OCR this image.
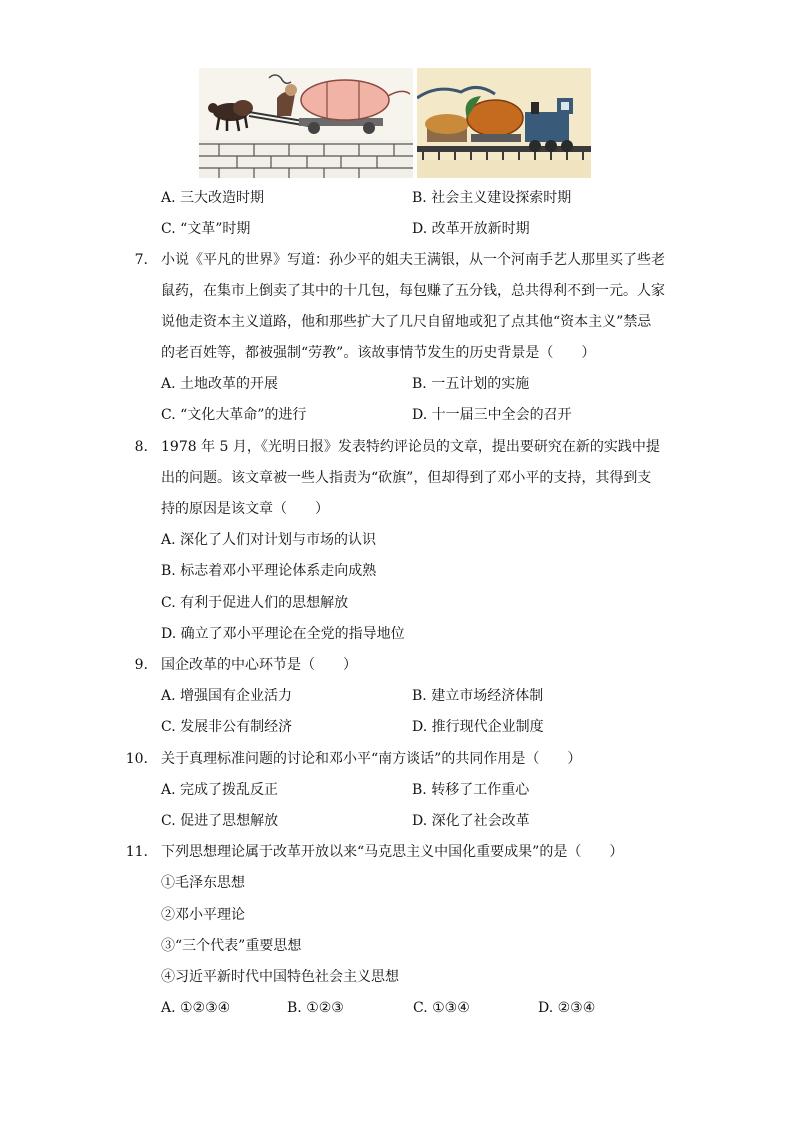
A. 三大改造时期	B. 社会主义建设探索时期
C. “文革”时期	D. 改革开放新时期
7. 小说《平凡的世界》写道：孙少平的姐夫王满银，从一个河南手艺人那里买了些老
鼠药，在集市上倒卖了其中的十几包，每包赚了五分钱，总共得利不到一元。人家
说他走资本主义道路，他和那些扩大了几尺自留地或犯了点其他“资本主义”禁忌
的老百姓等，都被强制“劳教”。该故事情节发生的历史背景是（　　）
A. 土地改革的开展	B. 一五计划的实施
C. “文化大革命”的进行	D. 十一届三中全会的召开
8. 1978 年 5 月，《光明日报》发表特约评论员的文章，提出要研究在新的实践中提
出的问题。该文章被一些人指责为“砍旗”，但却得到了邓小平的支持，其得到支
持的原因是该文章（　　）
A. 深化了人们对计划与市场的认识
B. 标志着邓小平理论体系走向成熟
C. 有利于促进人们的思想解放
D. 确立了邓小平理论在全党的指导地位
9. 国企改革的中心环节是（　　）
A. 增强国有企业活力	B. 建立市场经济体制
C. 发展非公有制经济	D. 推行现代企业制度
10. 关于真理标准问题的讨论和邓小平“南方谈话”的共同作用是（　　）
A. 完成了拨乱反正	B. 转移了工作重心
C. 促进了思想解放	D. 深化了社会改革
11. 下列思想理论属于改革开放以来“马克思主义中国化重要成果”的是（　　）
①毛泽东思想
②邓小平理论
③“三个代表”重要思想
④习近平新时代中国特色社会主义思想
A. ①②③④	B. ①②③	C. ①③④	D. ②③④
